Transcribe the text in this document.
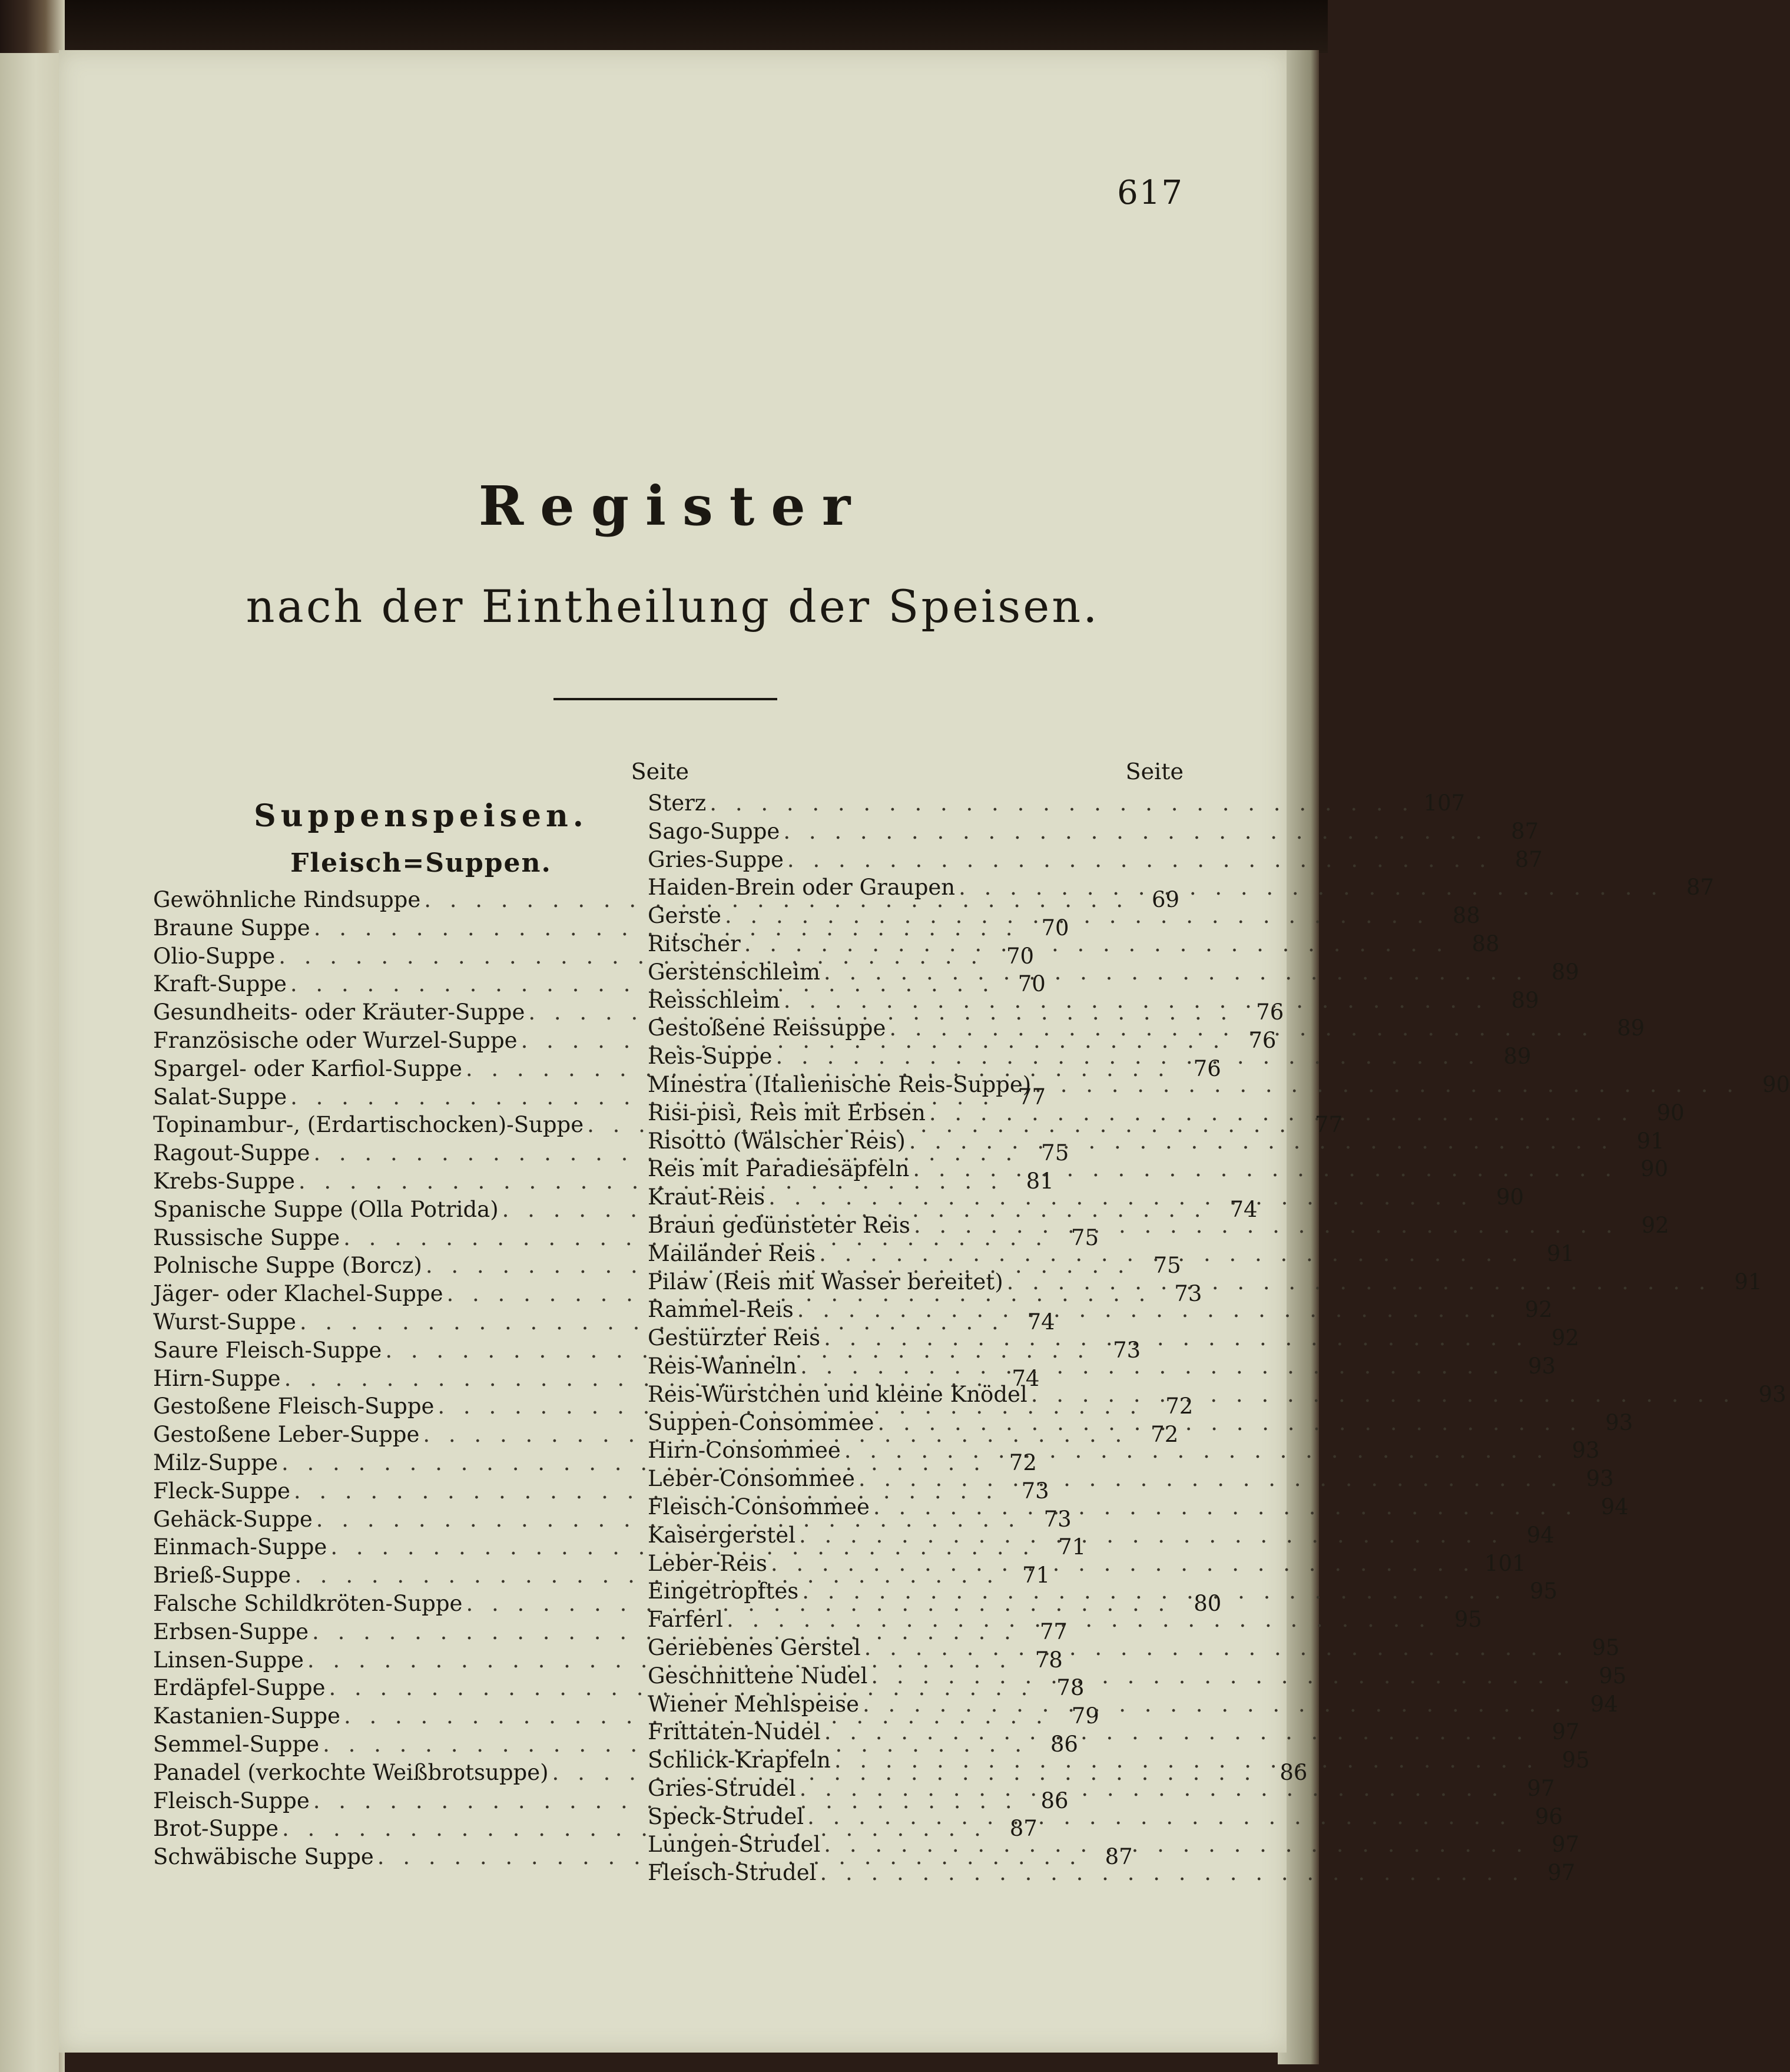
617
Register
nach der Eintheilung der Speisen.
Seite
Suppenspeisen.
Fleisch=Suppen.
Gewöhnliche Rindsuppe . . .	69
Braune Suppe . . .	70
Olio-Suppe . . .	70
Kraft-Suppe . . .	70
Gesundheits- oder Kräuter-Suppe . . .	76
Französische oder Wurzel-Suppe . . .	76
Spargel- oder Karfiol-Suppe . . .	76
Salat-Suppe . . .	77
Topinambur-, (Erdartischocken)-Suppe . . .	77
Ragout-Suppe . . .	75
Krebs-Suppe . . .	81
Spanische Suppe (Olla Potrida) . . .	74
Russische Suppe . . .	75
Polnische Suppe (Borcz) . . .	75
Jäger- oder Klachel-Suppe . . .	73
Wurst-Suppe . . .	74
Saure Fleisch-Suppe . . .	73
Hirn-Suppe . . .	74
Gestoßene Fleisch-Suppe . . .	72
Gestoßene Leber-Suppe . . .	72
Milz-Suppe . . .	72
Fleck-Suppe . . .	73
Gehäck-Suppe . . .	73
Einmach-Suppe . . .	71
Brieß-Suppe . . .	71
Falsche Schildkröten-Suppe . . .	80
Erbsen-Suppe . . .	77
Linsen-Suppe . . .	78
Erdäpfel-Suppe . . .	78
Kastanien-Suppe . . .	79
Semmel-Suppe . . .	86
Panadel (verkochte Weißbrotsuppe) . . .	86
Fleisch-Suppe . . .	86
Brot-Suppe . . .	87
Schwäbische Suppe . . .	87
Seite
Sterz . . .	107
Sago-Suppe . . .	87
Gries-Suppe . . .	87
Haiden-Brein oder Graupen . . .	87
Gerste . . .	88
Ritscher . . .	88
Gerstenschleim . . .	89
Reisschleim . . .	89
Gestoßene Reissuppe . . .	89
Reis-Suppe . . .	89
Minestra (Italienische Reis-Suppe) . . .	90
Risi-pisi, Reis mit Erbsen . . .	90
Risotto (Wälscher Reis) . . .	91
Reis mit Paradiesäpfeln . . .	90
Kraut-Reis . . .	90
Braun gedünsteter Reis . . .	92
Mailänder Reis . . .	91
Pilaw (Reis mit Wasser bereitet) . . .	91
Rammel-Reis . . .	92
Gestürzter Reis . . .	92
Reis-Wanneln . . .	93
Reis-Würstchen und kleine Knödel . . .	93
Suppen-Consommee . . .	93
Hirn-Consommee . . .	93
Leber-Consommee . . .	93
Fleisch-Consommee . . .	94
Kaisergerstel . . .	94
Leber-Reis . . .	101
Eingetropftes . . .	95
Farferl . . .	95
Geriebenes Gerstel . . .	95
Geschnittene Nudel . . .	95
Wiener Mehlspeise . . .	94
Frittaten-Nudel . . .	97
Schlick-Krapfeln . . .	95
Gries-Strudel . . .	97
Speck-Strudel . . .	96
Lungen-Strudel . . .	97
Fleisch-Strudel . . .	97
